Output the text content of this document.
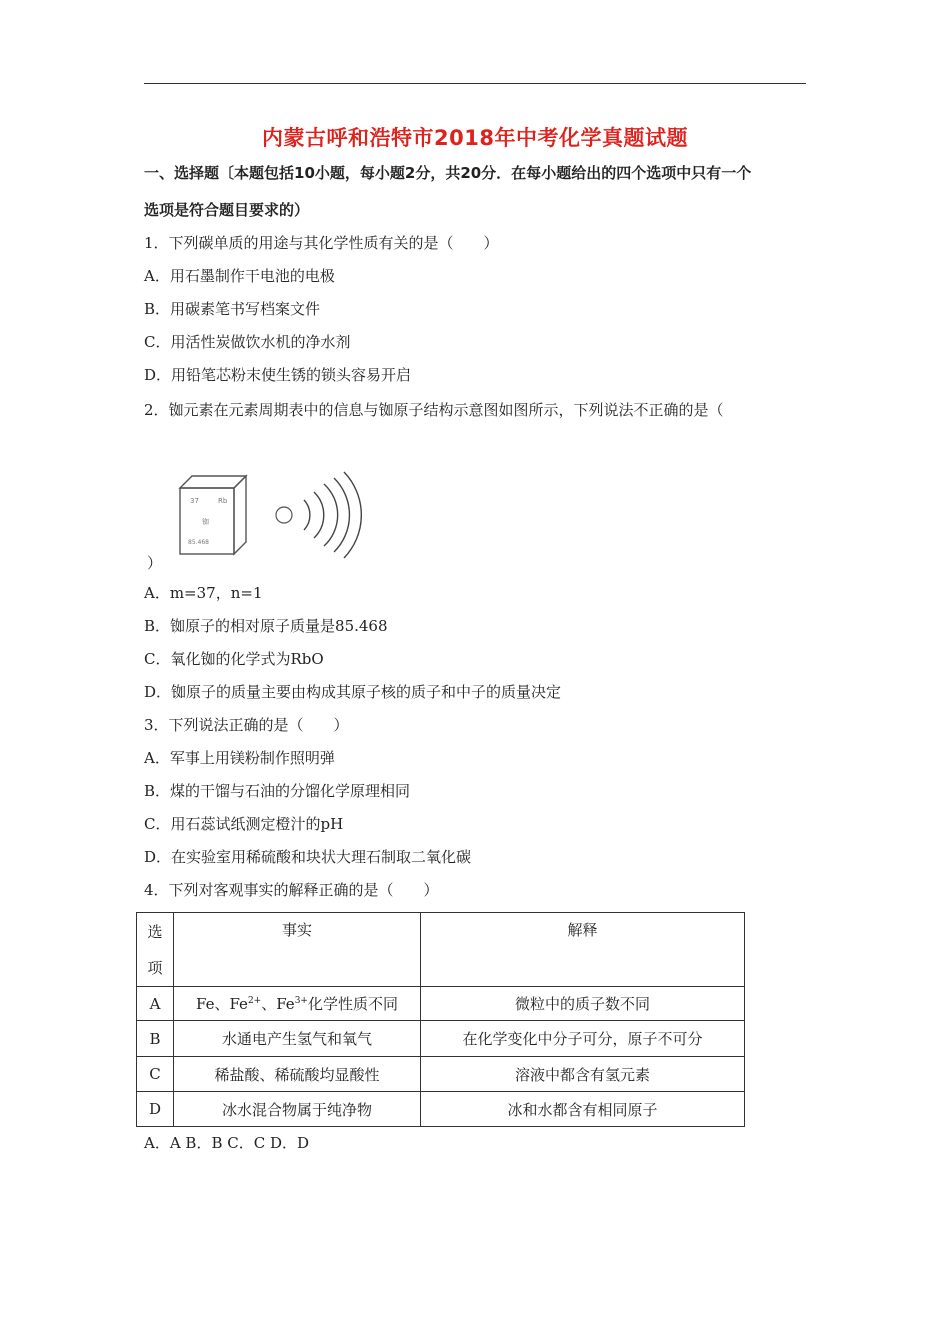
内蒙古呼和浩特市2018年中考化学真题试题
一、选择题〔本题包括10小题，每小题2分，共20分．在每小题给出的四个选项中只有一个
选项是符合题目要求的）
1．下列碳单质的用途与其化学性质有关的是（　　）
A．用石墨制作干电池的电极
B．用碳素笔书写档案文件
C．用活性炭做饮水机的净水剂
D．用铅笔芯粉末使生锈的锁头容易开启
2．铷元素在元素周期表中的信息与铷原子结构示意图如图所示，下列说法不正确的是（
37	Rb
铷
85.468
）
A．m=37，n=1
B．铷原子的相对原子质量是85.468
C．氧化铷的化学式为RbO
D．铷原子的质量主要由构成其原子核的质子和中子的质量决定
3．下列说法正确的是（　　）
A．军事上用镁粉制作照明弹
B．煤的干馏与石油的分馏化学原理相同
C．用石蕊试纸测定橙汁的pH
D．在实验室用稀硫酸和块状大理石制取二氧化碳
4．下列对客观事实的解释正确的是（　　）
选
项	事实	解释
A	Fe、$Fe^{2+}$、$Fe^{3+}$化学性质不同	微粒中的质子数不同
B	水通电产生氢气和氧气	在化学变化中分子可分，原子不可分
C	稀盐酸、稀硫酸均显酸性	溶液中都含有氢元素
D	冰水混合物属于纯净物	冰和水都含有相同原子
A．A B．B C．C D．D
